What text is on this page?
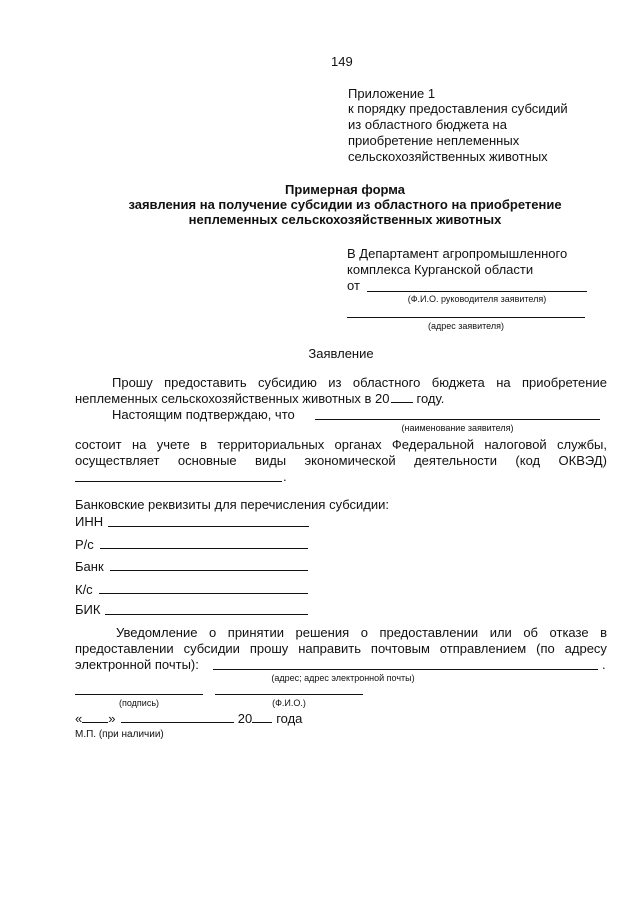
149
Приложение 1
к порядку предоставления субсидий
из областного бюджета на
приобретение неплеменных
сельскохозяйственных животных
Примерная форма
заявления на получение субсидии из областного на приобретение
неплеменных сельскохозяйственных животных
В Департамент агропромышленного
комплекса Курганской области
от
(Ф.И.О. руководителя заявителя)
(адрес заявителя)
Заявление
Прошу предоставить субсидию из областного бюджета на приобретение
неплеменных сельскохозяйственных животных в 20 году.
Настоящим подтверждаю, что
(наименование заявителя)
состоит на учете в территориальных органах Федеральной налоговой службы,
осуществляет основные виды экономической деятельности (код ОКВЭД)
.
Банковские реквизиты для перечисления субсидии:
ИНН
Р/с
Банк
К/с
БИК
Уведомление о принятии решения о предоставлении или об отказе в
предоставлении субсидии прошу направить почтовым отправлением (по адресу
электронной почты):	.
(адрес; адрес электронной почты)
(подпись)	(Ф.И.О.)
« »	20 года
М.П. (при наличии)
